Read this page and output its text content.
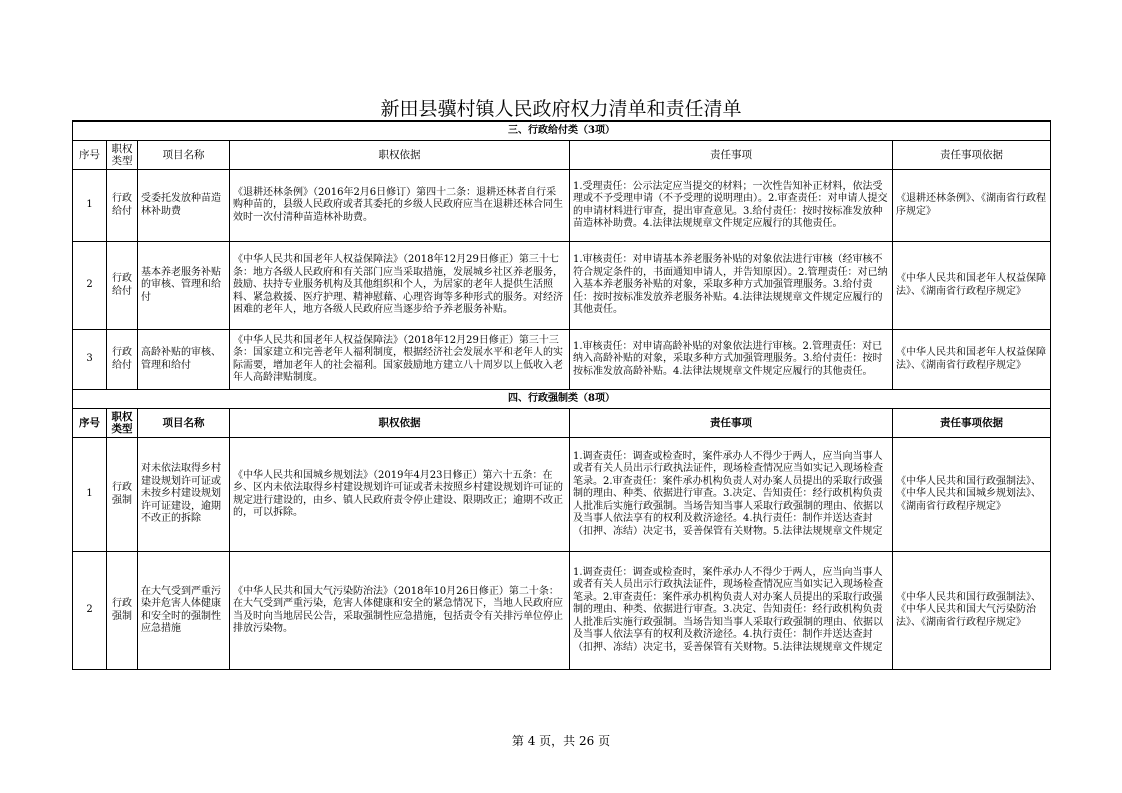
新田县骥村镇人民政府权力清单和责任清单
三、行政给付类（3项）					
序号	职权类型	项目名称	职权依据	责任事项	责任事项依据
1	行政给付	受委托发放种苗造林补助费	《退耕还林条例》（2016年2月6日修订）第四十二条：退耕还林者自行采购种苗的，县级人民政府或者其委托的乡级人民政府应当在退耕还林合同生效时一次付清种苗造林补助费。	1.受理责任：公示法定应当提交的材料；一次性告知补正材料，依法受理或不予受理申请（不予受理的说明理由）。2.审查责任：对申请人提交的申请材料进行审查，提出审查意见。3.给付责任：按时按标准发放种苗造林补助费。4.法律法规规章文件规定应履行的其他责任。	《退耕还林条例》、《湖南省行政程序规定》
2	行政给付	基本养老服务补贴的审核、管理和给付	《中华人民共和国老年人权益保障法》（2018年12月29日修正）第三十七条：地方各级人民政府和有关部门应当采取措施，发展城乡社区养老服务，鼓励、扶持专业服务机构及其他组织和个人，为居家的老年人提供生活照料、紧急救援、医疗护理、精神慰藉、心理咨询等多种形式的服务。对经济困难的老年人，地方各级人民政府应当逐步给予养老服务补贴。	1.审核责任：对申请基本养老服务补贴的对象依法进行审核（经审核不符合规定条件的，书面通知申请人，并告知原因）。2.管理责任：对已纳入基本养老服务补贴的对象，采取多种方式加强管理服务。3.给付责任：按时按标准发放养老服务补贴。4.法律法规规章文件规定应履行的其他责任。	《中华人民共和国老年人权益保障法》、《湖南省行政程序规定》
3	行政给付	高龄补贴的审核、管理和给付	《中华人民共和国老年人权益保障法》（2018年12月29日修正）第三十三条：国家建立和完善老年人福利制度，根据经济社会发展水平和老年人的实际需要，增加老年人的社会福利。国家鼓励地方建立八十周岁以上低收入老年人高龄津贴制度。	1.审核责任：对申请高龄补贴的对象依法进行审核。2.管理责任：对已纳入高龄补贴的对象，采取多种方式加强管理服务。3.给付责任：按时按标准发放高龄补贴。4.法律法规规章文件规定应履行的其他责任。	《中华人民共和国老年人权益保障法》、《湖南省行政程序规定》
四、行政强制类（8项）					
序号	职权类型	项目名称	职权依据	责任事项	责任事项依据
1	行政强制	对未依法取得乡村建设规划许可证或未按乡村建设规划许可证建设，逾期不改正的拆除	《中华人民共和国城乡规划法》（2019年4月23日修正）第六十五条：在乡、区内未依法取得乡村建设规划许可证或者未按照乡村建设规划许可证的规定进行建设的，由乡、镇人民政府责令停止建设、限期改正；逾期不改正的，可以拆除。	1.调查责任：调查或检查时，案件承办人不得少于两人，应当向当事人或者有关人员出示行政执法证件，现场检查情况应当如实记入现场检查笔录。2.审查责任：案件承办机构负责人对办案人员提出的采取行政强制的理由、种类、依据进行审查。3.决定、告知责任：经行政机构负责人批准后实施行政强制。当场告知当事人采取行政强制的理由、依据以及当事人依法享有的权利及救济途径。4.执行责任：制作并送达查封（扣押、冻结）决定书，妥善保管有关财物。5.法律法规规章文件规定	《中华人民共和国行政强制法》、《中华人民共和国城乡规划法》、《湖南省行政程序规定》
2	行政强制	在大气受到严重污染并危害人体健康和安全时的强制性应急措施	《中华人民共和国大气污染防治法》（2018年10月26日修正）第二十条：在大气受到严重污染，危害人体健康和安全的紧急情况下，当地人民政府应当及时向当地居民公告，采取强制性应急措施，包括责令有关排污单位停止排放污染物。	1.调查责任：调查或检查时，案件承办人不得少于两人，应当向当事人或者有关人员出示行政执法证件，现场检查情况应当如实记入现场检查笔录。2.审查责任：案件承办机构负责人对办案人员提出的采取行政强制的理由、种类、依据进行审查。3.决定、告知责任：经行政机构负责人批准后实施行政强制。当场告知当事人采取行政强制的理由、依据以及当事人依法享有的权利及救济途径。4.执行责任：制作并送达查封（扣押、冻结）决定书，妥善保管有关财物。5.法律法规规章文件规定	《中华人民共和国行政强制法》、《中华人民共和国大气污染防治法》、《湖南省行政程序规定》
第 4 页，共 26 页
